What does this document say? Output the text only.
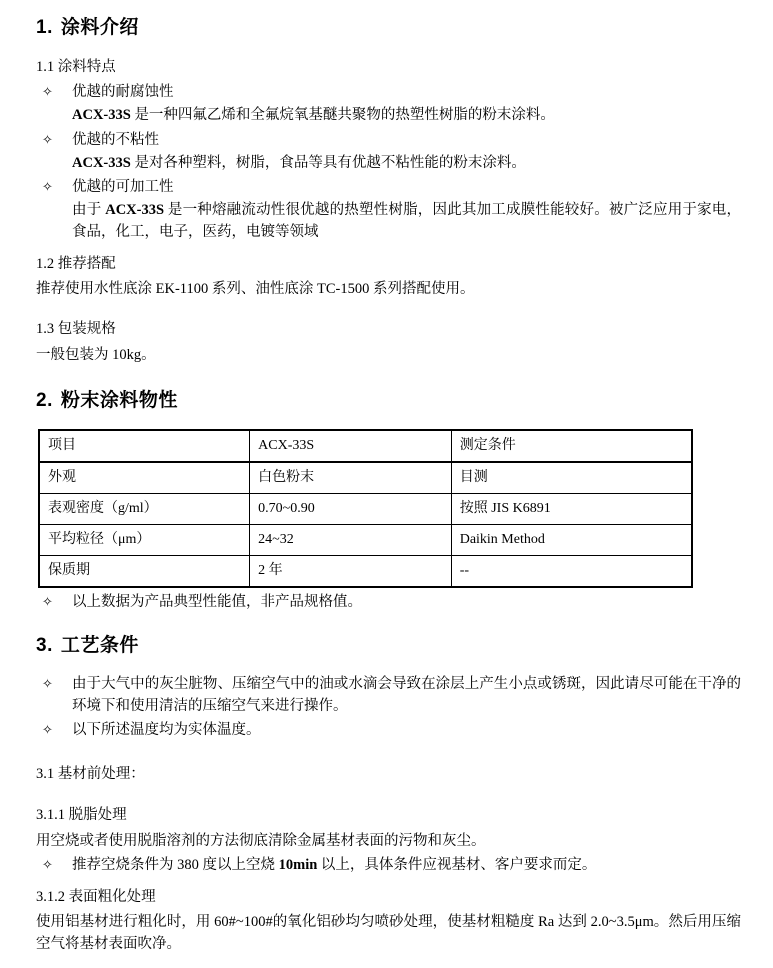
1. 涂料介绍
1.1 涂料特点
✧ 优越的耐腐蚀性
ACX-33S 是一种四氟乙烯和全氟烷氧基醚共聚物的热塑性树脂的粉末涂料。
✧ 优越的不粘性
ACX-33S 是对各种塑料，树脂，食品等具有优越不粘性能的粉末涂料。
✧ 优越的可加工性
由于 ACX-33S 是一种熔融流动性很优越的热塑性树脂，因此其加工成膜性能较好。被广泛应用于家电，食品，化工，电子，医药，电镀等领域
1.2 推荐搭配
推荐使用水性底涂 EK-1100 系列、油性底涂 TC-1500 系列搭配使用。
1.3 包装规格
一般包装为 10kg。
2. 粉末涂料物性
项目	ACX-33S	测定条件
外观	白色粉末	目测
表观密度（g/ml）	0.70~0.90	按照 JIS K6891
平均粒径（μm）	24~32	Daikin Method
保质期	2 年	--
✧ 以上数据为产品典型性能值，非产品规格值。
3. 工艺条件
✧ 由于大气中的灰尘脏物、压缩空气中的油或水滴会导致在涂层上产生小点或锈斑，因此请尽可能在干净的环境下和使用清洁的压缩空气来进行操作。
✧ 以下所述温度均为实体温度。
3.1 基材前处理：
3.1.1 脱脂处理
用空烧或者使用脱脂溶剂的方法彻底清除金属基材表面的污物和灰尘。
✧ 推荐空烧条件为 380 度以上空烧 10min 以上，具体条件应视基材、客户要求而定。
3.1.2 表面粗化处理
使用铝基材进行粗化时，用 60#~100#的氧化铝砂均匀喷砂处理，使基材粗糙度 Ra 达到 2.0~3.5μm。然后用压缩空气将基材表面吹净。
